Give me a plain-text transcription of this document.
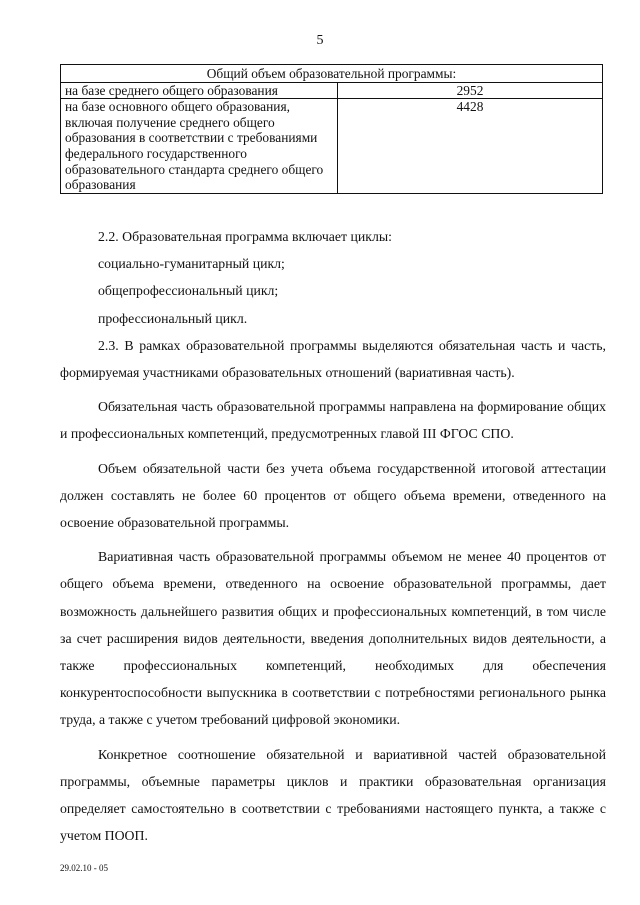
5
Общий объем образовательной программы:	
на базе среднего общего образования	2952
на базе основного общего образования, включая получение среднего общего образования в соответствии с требованиями федерального государственного образовательного стандарта среднего общего образования	4428

2.2. Образовательная программа включает циклы:

социально-гуманитарный цикл;

общепрофессиональный цикл;

профессиональный цикл.

2.3. В рамках образовательной программы выделяются обязательная часть и часть, формируемая участниками образовательных отношений (вариативная часть).

Обязательная часть образовательной программы направлена на формирование общих и профессиональных компетенций, предусмотренных главой III ФГОС СПО.

Объем обязательной части без учета объема государственной итоговой аттестации должен составлять не более 60 процентов от общего объема времени, отведенного на освоение образовательной программы.

Вариативная часть образовательной программы объемом не менее 40 процентов от общего объема времени, отведенного на освоение образовательной программы, дает возможность дальнейшего развития общих и профессиональных компетенций, в том числе за счет расширения видов деятельности, введения дополнительных видов деятельности, а также профессиональных компетенций, необходимых для обеспечения конкурентоспособности выпускника в соответствии с потребностями регионального рынка труда, а также с учетом требований цифровой экономики.

Конкретное соотношение обязательной и вариативной частей образовательной программы, объемные параметры циклов и практики образовательная организация определяет самостоятельно в соответствии с требованиями настоящего пункта, а также с учетом ПООП.

29.02.10 - 05
